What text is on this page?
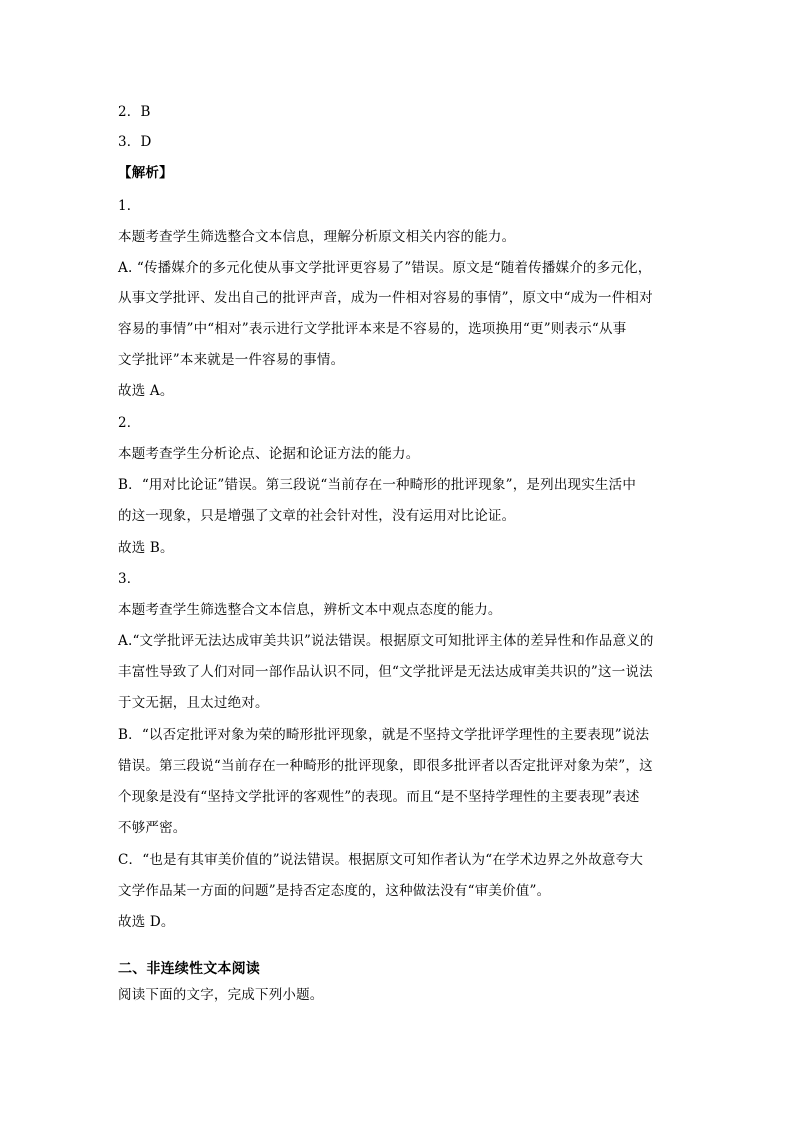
2．B
3．D
【解析】
1．
本题考查学生筛选整合文本信息，理解分析原文相关内容的能力。
A. “传播媒介的多元化使从事文学批评更容易了”错误。原文是“随着传播媒介的多元化，
从事文学批评、发出自己的批评声音，成为一件相对容易的事情”，原文中“成为一件相对
容易的事情”中“相对”表示进行文学批评本来是不容易的，选项换用“更”则表示“从事
文学批评”本来就是一件容易的事情。
故选 A。
2．
本题考查学生分析论点、论据和论证方法的能力。
B．“用对比论证”错误。第三段说“当前存在一种畸形的批评现象”，是列出现实生活中
的这一现象，只是增强了文章的社会针对性，没有运用对比论证。
故选 B。
3．
本题考查学生筛选整合文本信息，辨析文本中观点态度的能力。
A.“文学批评无法达成审美共识”说法错误。根据原文可知批评主体的差异性和作品意义的
丰富性导致了人们对同一部作品认识不同，但“文学批评是无法达成审美共识的”这一说法
于文无据，且太过绝对。
B．“以否定批评对象为荣的畸形批评现象，就是不坚持文学批评学理性的主要表现”说法
错误。第三段说“当前存在一种畸形的批评现象，即很多批评者以否定批评对象为荣”，这
个现象是没有“坚持文学批评的客观性”的表现。而且“是不坚持学理性的主要表现”表述
不够严密。
C．“也是有其审美价值的”说法错误。根据原文可知作者认为“在学术边界之外故意夸大
文学作品某一方面的问题”是持否定态度的，这种做法没有“审美价值”。
故选 D。
二、非连续性文本阅读
阅读下面的文字，完成下列小题。
